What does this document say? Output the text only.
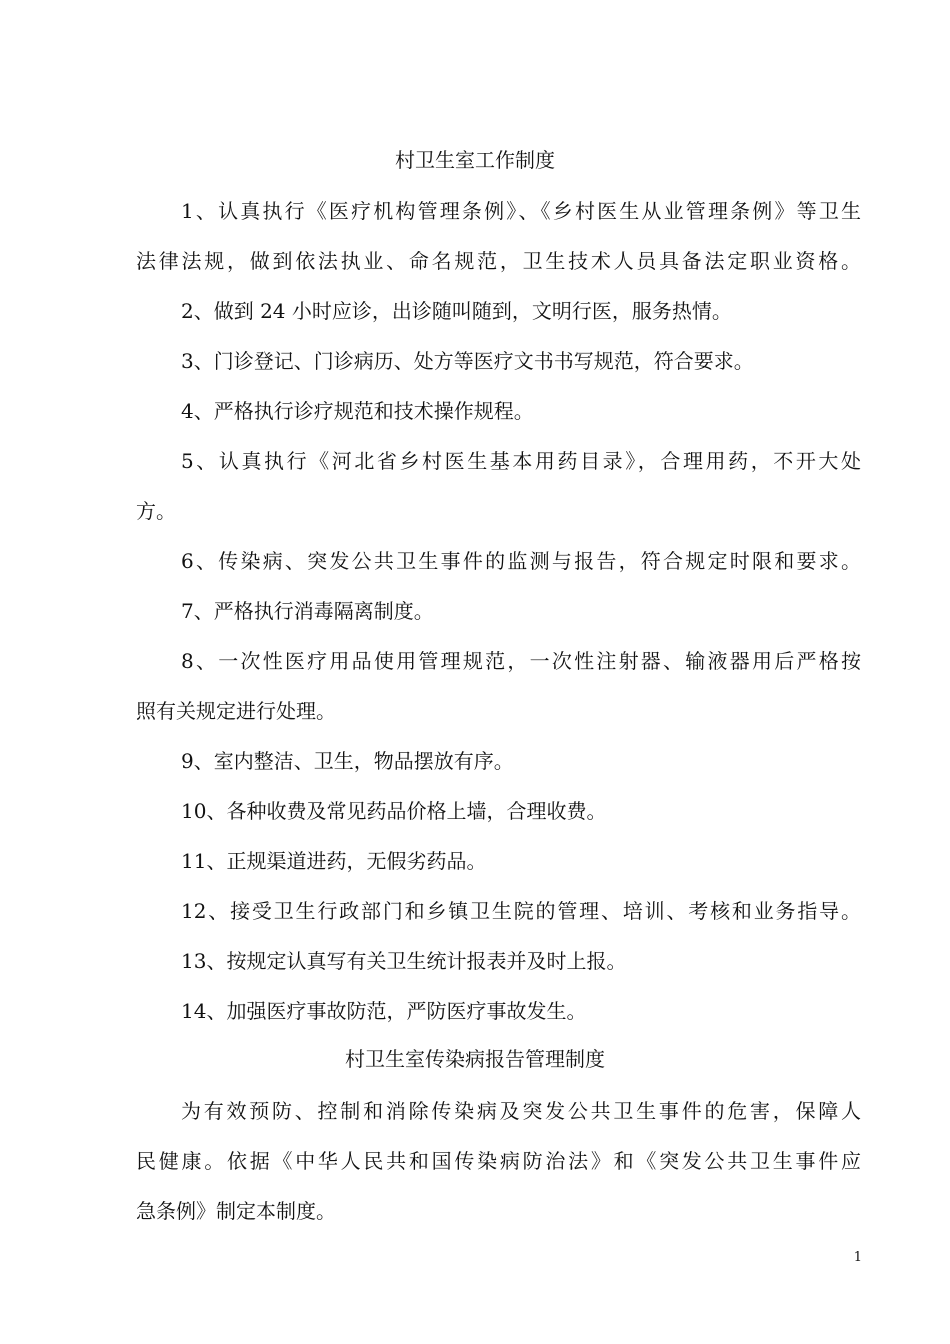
村卫生室工作制度
1、认真执行《医疗机构管理条例》、《乡村医生从业管理条例》等卫生
法律法规，做到依法执业、命名规范，卫生技术人员具备法定职业资格。
2、做到 24 小时应诊，出诊随叫随到，文明行医，服务热情。
3、门诊登记、门诊病历、处方等医疗文书书写规范，符合要求。
4、严格执行诊疗规范和技术操作规程。
5、认真执行《河北省乡村医生基本用药目录》，合理用药，不开大处
方。
6、传染病、突发公共卫生事件的监测与报告，符合规定时限和要求。
7、严格执行消毒隔离制度。
8、一次性医疗用品使用管理规范，一次性注射器、输液器用后严格按
照有关规定进行处理。
9、室内整洁、卫生，物品摆放有序。
10、各种收费及常见药品价格上墙，合理收费。
11、正规渠道进药，无假劣药品。
12、接受卫生行政部门和乡镇卫生院的管理、培训、考核和业务指导。
13、按规定认真写有关卫生统计报表并及时上报。
14、加强医疗事故防范，严防医疗事故发生。
村卫生室传染病报告管理制度
为有效预防、控制和消除传染病及突发公共卫生事件的危害，保障人
民健康。依据《中华人民共和国传染病防治法》和《突发公共卫生事件应
急条例》制定本制度。
1
